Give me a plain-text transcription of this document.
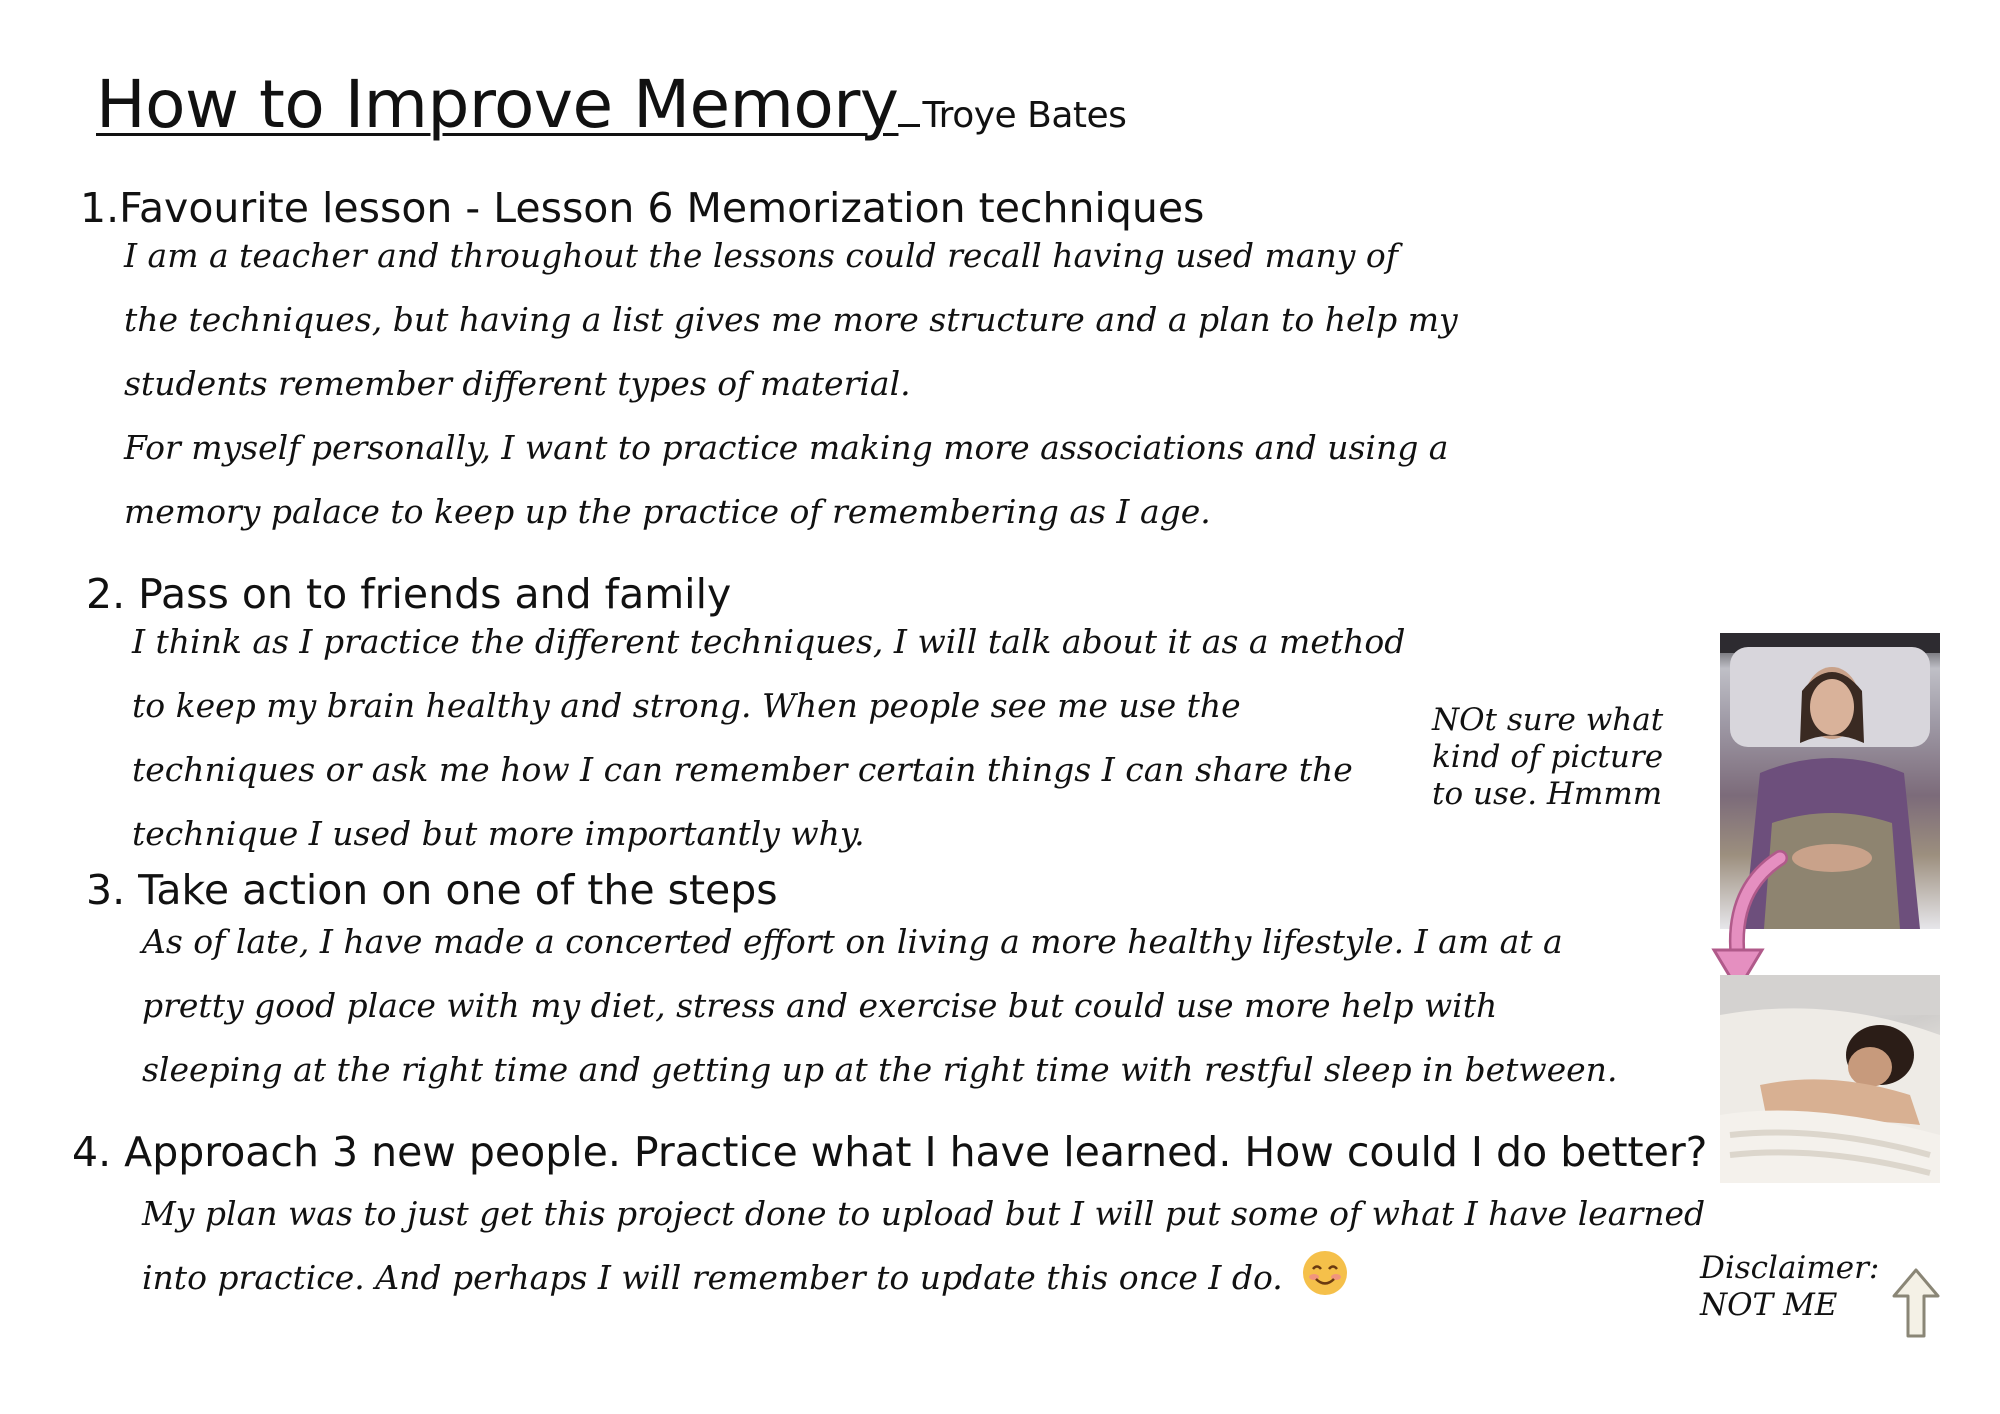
How to Improve Memory Troye Bates
1.Favourite lesson - Lesson 6 Memorization techniques
I am a teacher and throughout the lessons could recall having used many of
the techniques, but having a list gives me more structure and a plan to help my
students remember different types of material.
For myself personally, I want to practice making more associations and using a
memory palace to keep up the practice of remembering as I age.
2. Pass on to friends and family
I think as I practice the different techniques, I will talk about it as a method
to keep my brain healthy and strong. When people see me use the
techniques or ask me how I can remember certain things I can share the
technique I used but more importantly why.
3. Take action on one of the steps
As of late, I have made a concerted effort on living a more healthy lifestyle. I am at a
pretty good place with my diet, stress and exercise but could use more help with
sleeping at the right time and getting up at the right time with restful sleep in between.
4. Approach 3 new people. Practice what I have learned. How could I do better?
My plan was to just get this project done to upload but I will put some of what I have learned
into practice. And perhaps I will remember to update this once I do.
NOt sure what
kind of picture
to use. Hmmm
Disclaimer:
NOT ME
